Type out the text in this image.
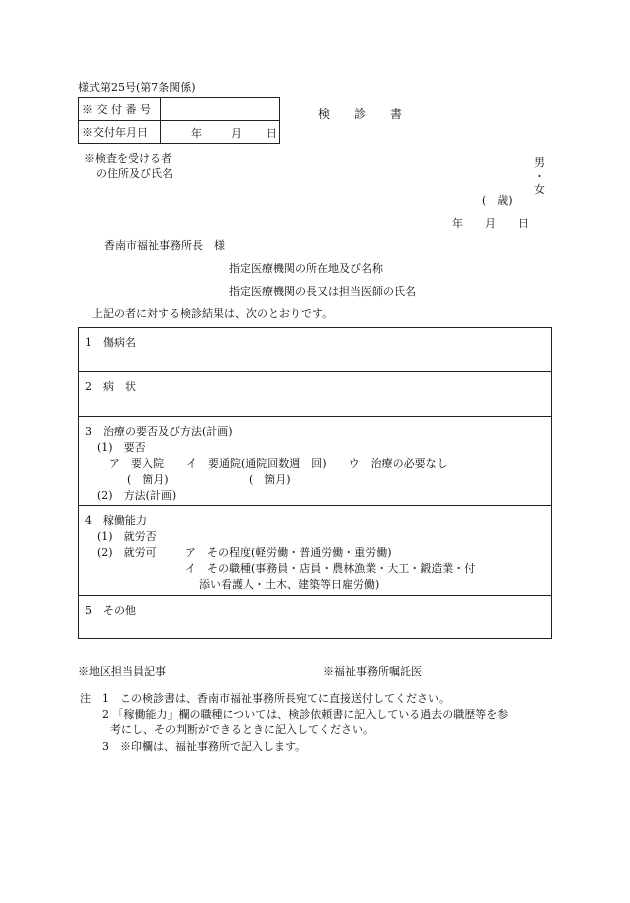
様式第25号(第7条関係)
※ 交 付 番 号	
※交付年月日	年 月 日
検　　診　　書
※検査を受ける者
の住所及び氏名
男
・
女
(　歳)
年　　月　　日
香南市福祉事務所長　様
指定医療機関の所在地及び名称
指定医療機関の長又は担当医師の氏名
上記の者に対する検診結果は、次のとおりです。
1　傷病名
2　病　状
3　治療の要否及び方法(計画)
(1)　要否
ア　要入院　　イ　要通院(通院回数週　回)　　ウ　治療の必要なし
(　箇月)	(　箇月)
(2)　方法(計画)
4　稼働能力
(1)　就労否
(2)　就労可	ア　その程度(軽労働・普通労働・重労働)
イ　その職種(事務員・店員・農林漁業・大工・鍛造業・付
添い看護人・土木、建築等日雇労働)
5　その他
※地区担当員記事	※福祉事務所嘱託医
注　1　この検診書は、香南市福祉事務所長宛てに直接送付してください。
2 「稼働能力」欄の職種については、検診依頼書に記入している過去の職歴等を参
考にし、その判断ができるときに記入してください。
3　※印欄は、福祉事務所で記入します。
